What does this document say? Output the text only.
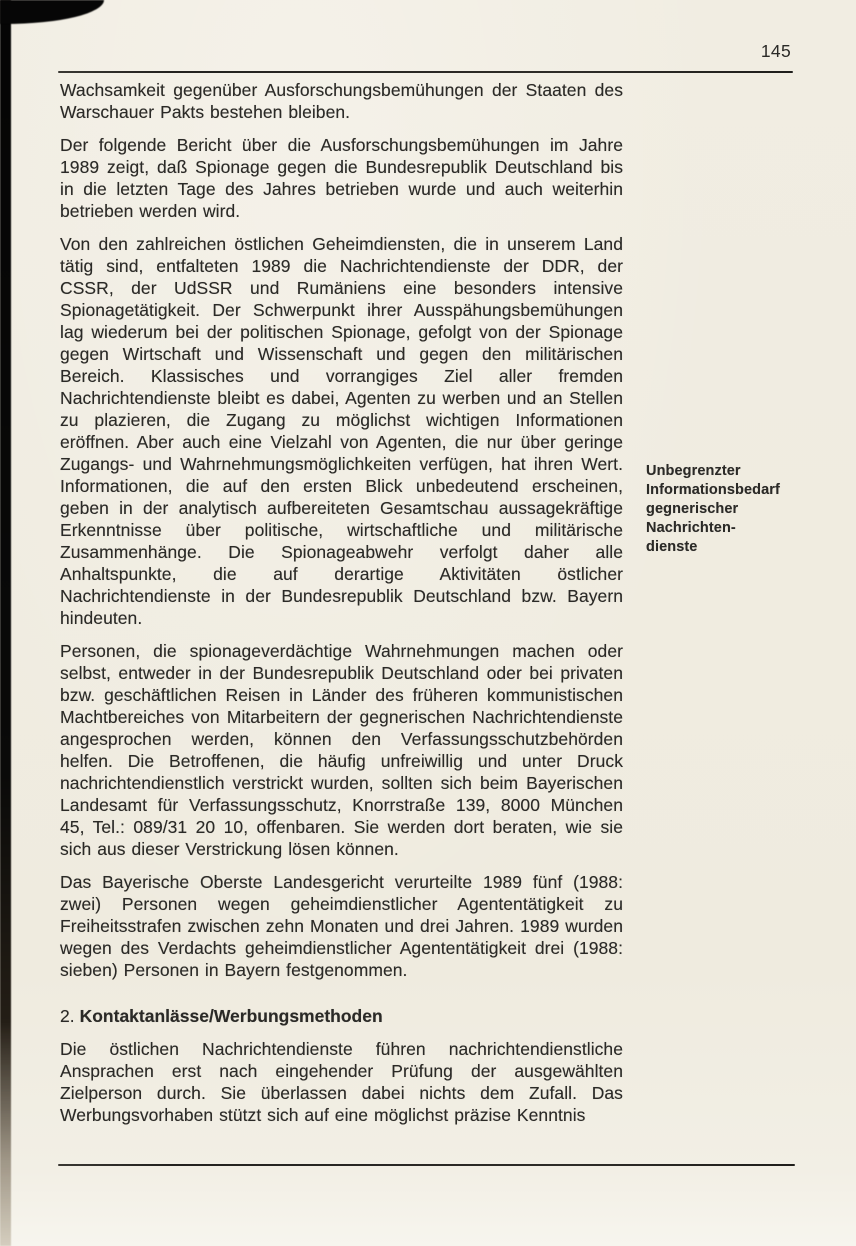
145

Wachsamkeit gegenüber Ausforschungsbemühungen der Staaten des Warschauer Pakts bestehen bleiben.

Der folgende Bericht über die Ausforschungsbemühungen im Jahre 1989 zeigt, daß Spionage gegen die Bundesrepublik Deutschland bis in die letzten Tage des Jahres betrieben wurde und auch weiterhin betrieben werden wird.

Von den zahlreichen östlichen Geheimdiensten, die in unserem Land tätig sind, entfalteten 1989 die Nachrichtendienste der DDR, der CSSR, der UdSSR und Rumäniens eine besonders intensive Spionagetätigkeit. Der Schwerpunkt ihrer Ausspähungsbemühungen lag wiederum bei der politischen Spionage, gefolgt von der Spionage gegen Wirtschaft und Wissenschaft und gegen den militärischen Bereich. Klassisches und vorrangiges Ziel aller fremden Nachrichtendienste bleibt es dabei, Agenten zu werben und an Stellen zu plazieren, die Zugang zu möglichst wichtigen Informationen eröffnen. Aber auch eine Vielzahl von Agenten, die nur über geringe Zugangs- und Wahrnehmungsmöglichkeiten verfügen, hat ihren Wert. Informationen, die auf den ersten Blick unbedeutend erscheinen, geben in der analytisch aufbereiteten Gesamtschau aussagekräftige Erkenntnisse über politische, wirtschaftliche und militärische Zusammenhänge. Die Spionageabwehr verfolgt daher alle Anhaltspunkte, die auf derartige Aktivitäten östlicher Nachrichtendienste in der Bundesrepublik Deutschland bzw. Bayern hindeuten.

Personen, die spionageverdächtige Wahrnehmungen machen oder selbst, entweder in der Bundesrepublik Deutschland oder bei privaten bzw. geschäftlichen Reisen in Länder des früheren kommunistischen Machtbereiches von Mitarbeitern der gegnerischen Nachrichtendienste angesprochen werden, können den Verfassungsschutzbehörden helfen. Die Betroffenen, die häufig unfreiwillig und unter Druck nachrichtendienstlich verstrickt wurden, sollten sich beim Bayerischen Landesamt für Verfassungsschutz, Knorrstraße 139, 8000 München 45, Tel.: 089/31 20 10, offenbaren. Sie werden dort beraten, wie sie sich aus dieser Verstrickung lösen können.

Das Bayerische Oberste Landesgericht verurteilte 1989 fünf (1988: zwei) Personen wegen geheimdienstlicher Agententätigkeit zu Freiheitsstrafen zwischen zehn Monaten und drei Jahren. 1989 wurden wegen des Verdachts geheimdienstlicher Agententätigkeit drei (1988: sieben) Personen in Bayern festgenommen.

2. Kontaktanlässe/Werbungsmethoden

Die östlichen Nachrichtendienste führen nachrichtendienstliche Ansprachen erst nach eingehender Prüfung der ausgewählten Zielperson durch. Sie überlassen dabei nichts dem Zufall. Das Werbungsvorhaben stützt sich auf eine möglichst präzise Kenntnis

Unbegrenzter
Informationsbedarf
gegnerischer
Nachrichten-
dienste
